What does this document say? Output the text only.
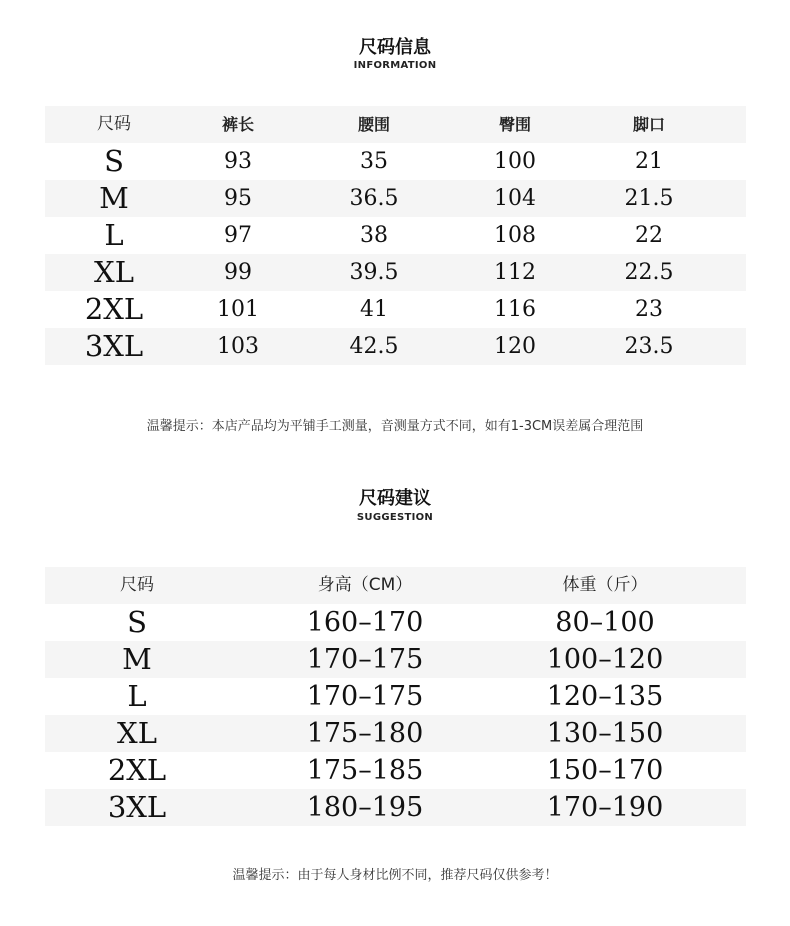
尺码信息
INFORMATION
尺码	裤长	腰围	臀围	脚口
S	93	35	100	21
M	95	36.5	104	21.5
L	97	38	108	22
XL	99	39.5	112	22.5
2XL	101	41	116	23
3XL	103	42.5	120	23.5
温馨提示：本店产品均为平铺手工测量，音测量方式不同，如有1-3CM误差属合理范围
尺码建议
SUGGESTION
尺码	身高（CM）	体重（斤）
S	160–170	80–100
M	170–175	100–120
L	170–175	120–135
XL	175–180	130–150
2XL	175–185	150–170
3XL	180–195	170–190
温馨提示：由于每人身材比例不同，推荐尺码仅供参考！
